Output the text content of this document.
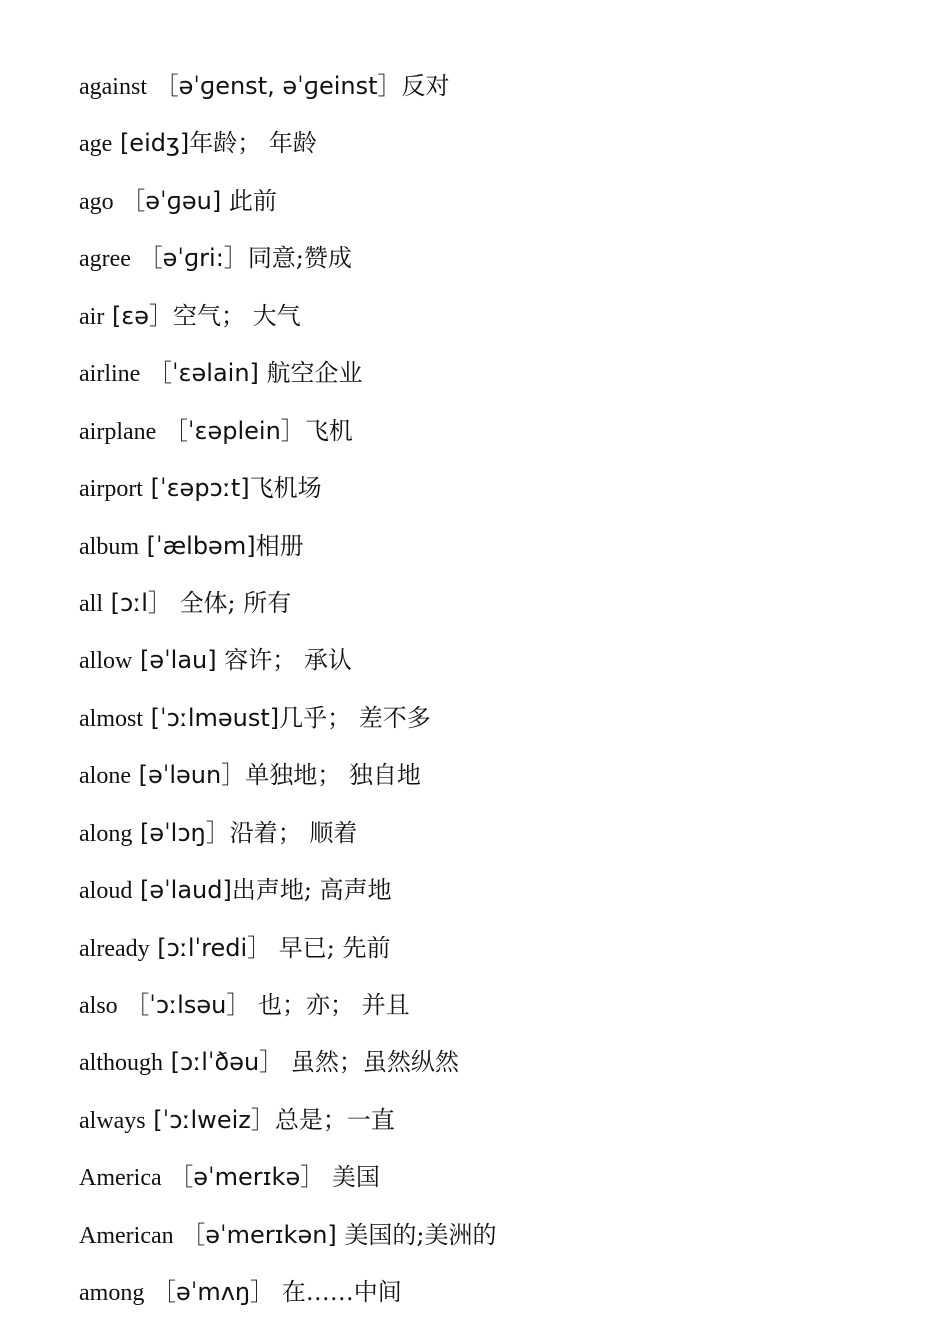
against ［əˈɡenst, əˈɡeinst］反对
age [eidʒ]年龄； 年龄
ago ［əˈɡəu] 此前
agree ［əˈɡri:］同意;赞成
air [ɛə］空气； 大气
airline ［ˈɛəlain] 航空企业
airplane ［ˈɛəplein］飞机
airport [ˈɛəpɔːt]飞机场
album [ˈælbəm]相册
all [ɔːl］ 全体; 所有
allow [əˈlau] 容许； 承认
almost [ˈɔːlməust]几乎； 差不多
alone [əˈləun］单独地； 独自地
along [əˈlɔŋ］沿着； 顺着
aloud [əˈlaud]出声地; 高声地
already [ɔːlˈredi］ 早已; 先前
also ［ˈɔːlsəu］ 也；亦； 并且
although [ɔːlˈðəu］ 虽然；虽然纵然
always [ˈɔːlweiz］总是；一直
America ［əˈmerɪkə］ 美国
American ［əˈmerɪkən] 美国的;美洲的
among ［əˈmʌŋ］ 在……中间
